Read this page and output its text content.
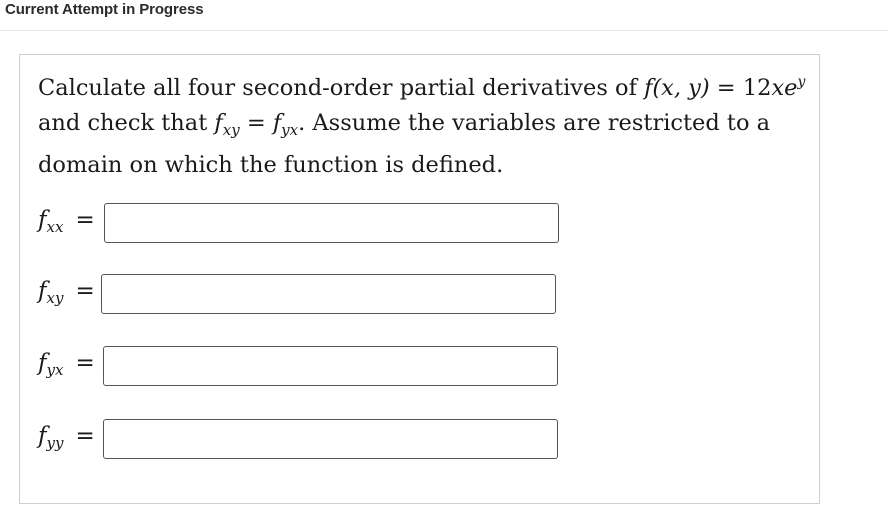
Current Attempt in Progress
Calculate all four second-order partial derivatives of f(x, $y) = 12xe^y$
and check that $f_{xy} = f_{yx}$. Assume the variables are restricted to a
domain on which the function is defined.
$f_{xx}$ =
$f_{xy}$ =
$f_{yx}$ =
$f_{yy}$ =
